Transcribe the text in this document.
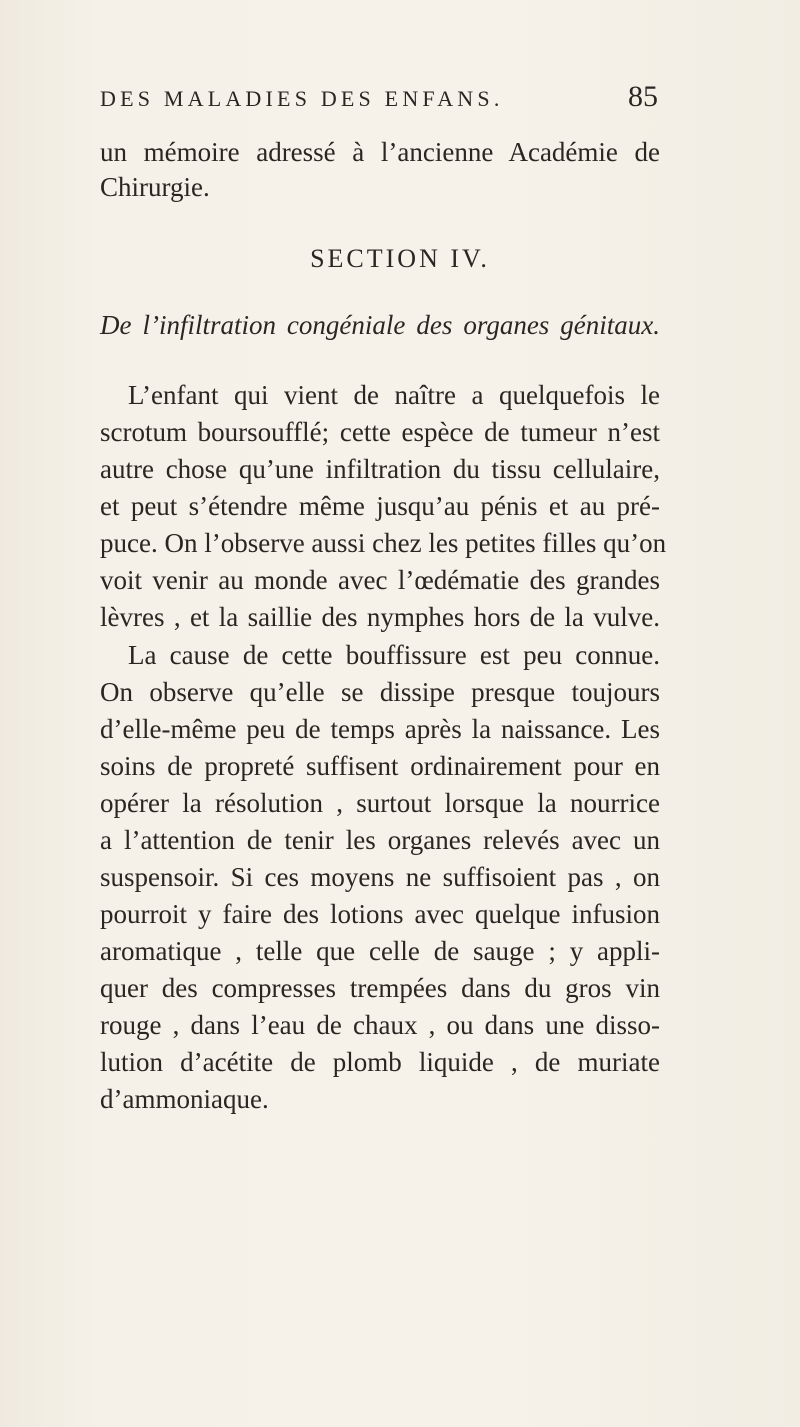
DES MALADIES DES ENFANS.	85
un mémoire adressé à l’ancienne Académie de
Chirurgie.
SECTION IV.
De l’infiltration congéniale des organes génitaux.
L’enfant qui vient de naître a quelquefois le
scrotum boursoufflé; cette espèce de tumeur n’est
autre chose qu’une infiltration du tissu cellulaire,
et peut s’étendre même jusqu’au pénis et au pré-
puce. On l’observe aussi chez les petites filles qu’on
voit venir au monde avec l’œdématie des grandes
lèvres , et la saillie des nymphes hors de la vulve.
La cause de cette bouffissure est peu connue.
On observe qu’elle se dissipe presque toujours
d’elle-même peu de temps après la naissance. Les
soins de propreté suffisent ordinairement pour en
opérer la résolution , surtout lorsque la nourrice
a l’attention de tenir les organes relevés avec un
suspensoir. Si ces moyens ne suffisoient pas , on
pourroit y faire des lotions avec quelque infusion
aromatique , telle que celle de sauge ; y appli-
quer des compresses trempées dans du gros vin
rouge , dans l’eau de chaux , ou dans une disso-
lution d’acétite de plomb liquide , de muriate
d’ammoniaque.
